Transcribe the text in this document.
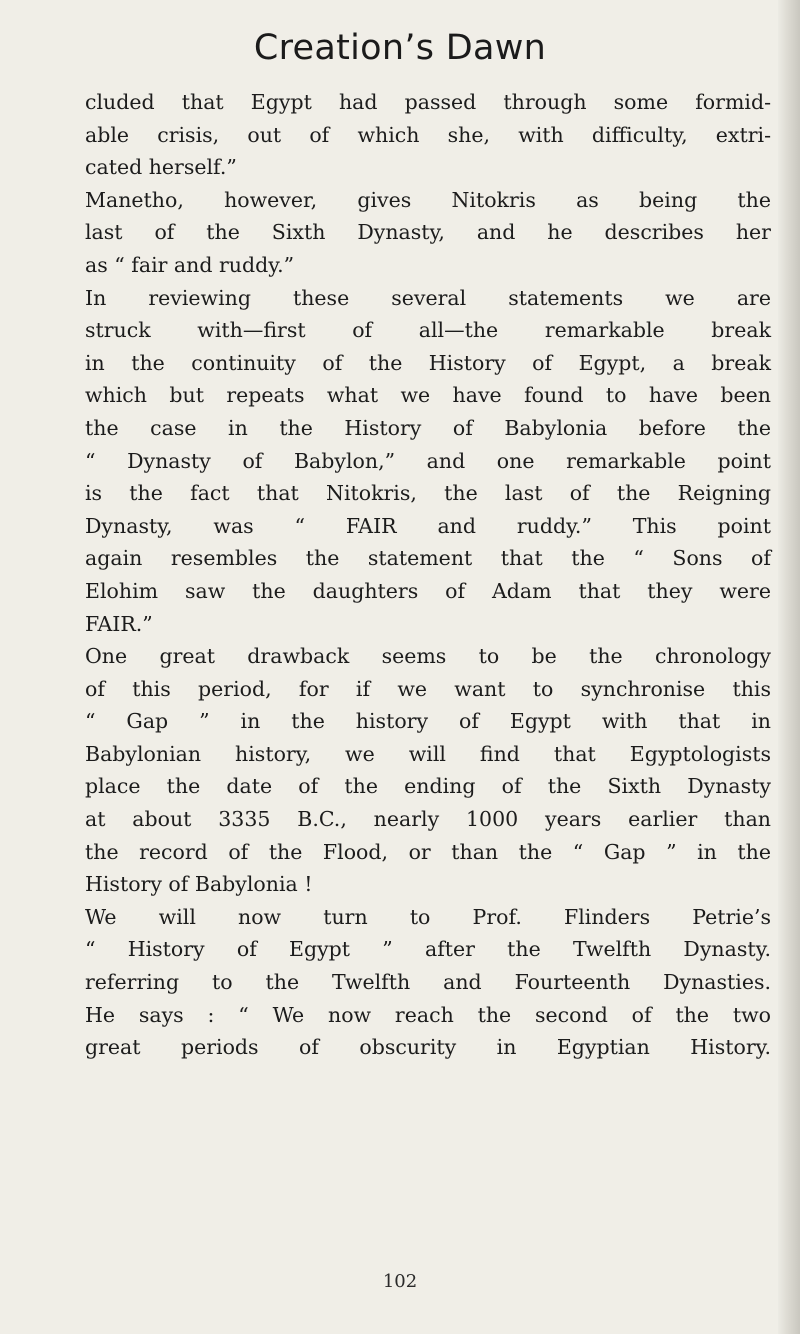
Creation’s Dawn
cluded that Egypt had passed through some formid-
able crisis, out of which she, with difficulty, extri-
cated herself.”
Manetho, however, gives Nitokris as being the
last of the Sixth Dynasty, and he describes her
as “ fair and ruddy.”
In reviewing these several statements we are
struck with—first of all—the remarkable break
in the continuity of the History of Egypt, a break
which but repeats what we have found to have been
the case in the History of Babylonia before the
“ Dynasty of Babylon,” and one remarkable point
is the fact that Nitokris, the last of the Reigning
Dynasty, was “ FAIR and ruddy.” This point
again resembles the statement that the “ Sons of
Elohim saw the daughters of Adam that they were
FAIR.”
One great drawback seems to be the chronology
of this period, for if we want to synchronise this
“ Gap ” in the history of Egypt with that in
Babylonian history, we will find that Egyptologists
place the date of the ending of the Sixth Dynasty
at about 3335 B.C., nearly 1000 years earlier than
the record of the Flood, or than the “ Gap ” in the
History of Babylonia !
We will now turn to Prof. Flinders Petrie’s
“ History of Egypt ” after the Twelfth Dynasty.
referring to the Twelfth and Fourteenth Dynasties.
He says : “ We now reach the second of the two
great periods of obscurity in Egyptian History.
102
